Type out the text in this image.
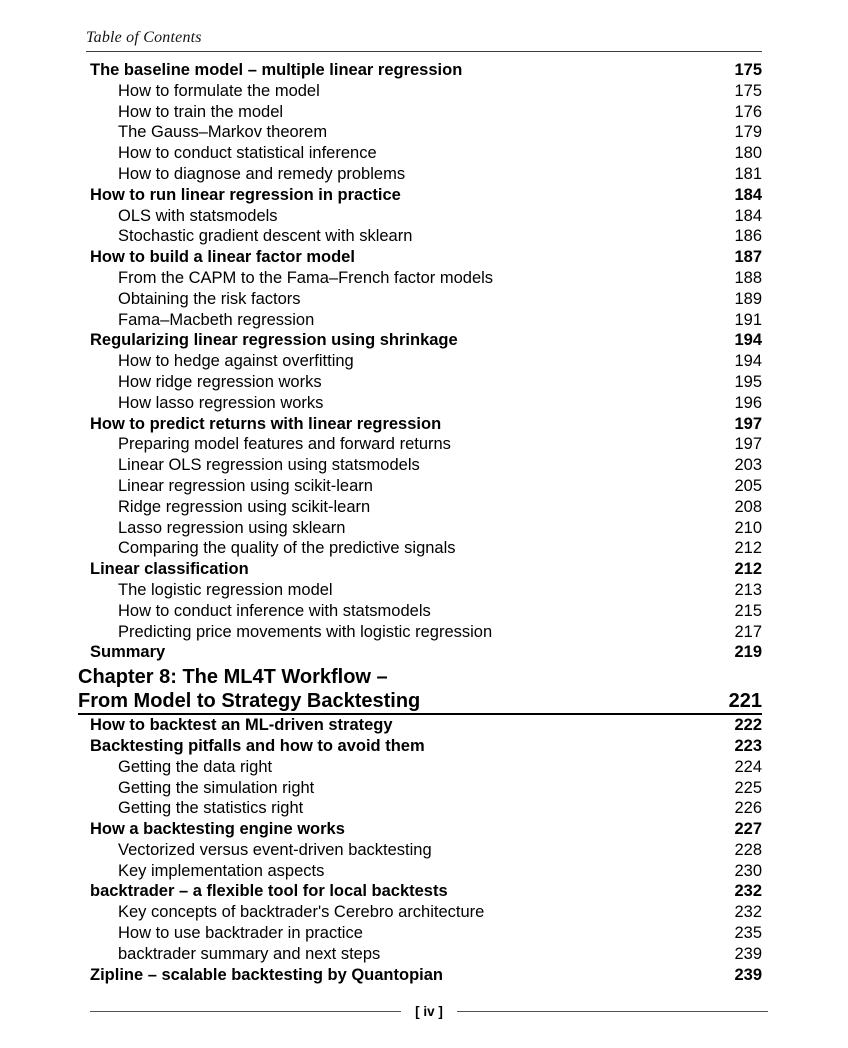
Table of Contents
The baseline model – multiple linear regression	175
How to formulate the model	175
How to train the model	176
The Gauss–Markov theorem	179
How to conduct statistical inference	180
How to diagnose and remedy problems	181
How to run linear regression in practice	184
OLS with statsmodels	184
Stochastic gradient descent with sklearn	186
How to build a linear factor model	187
From the CAPM to the Fama–French factor models	188
Obtaining the risk factors	189
Fama–Macbeth regression	191
Regularizing linear regression using shrinkage	194
How to hedge against overfitting	194
How ridge regression works	195
How lasso regression works	196
How to predict returns with linear regression	197
Preparing model features and forward returns	197
Linear OLS regression using statsmodels	203
Linear regression using scikit-learn	205
Ridge regression using scikit-learn	208
Lasso regression using sklearn	210
Comparing the quality of the predictive signals	212
Linear classification	212
The logistic regression model	213
How to conduct inference with statsmodels	215
Predicting price movements with logistic regression	217
Summary	219
Chapter 8: The ML4T Workflow –
From Model to Strategy Backtesting	221
How to backtest an ML-driven strategy	222
Backtesting pitfalls and how to avoid them	223
Getting the data right	224
Getting the simulation right	225
Getting the statistics right	226
How a backtesting engine works	227
Vectorized versus event-driven backtesting	228
Key implementation aspects	230
backtrader – a flexible tool for local backtests	232
Key concepts of backtrader's Cerebro architecture	232
How to use backtrader in practice	235
backtrader summary and next steps	239
Zipline – scalable backtesting by Quantopian	239
[ iv ]
